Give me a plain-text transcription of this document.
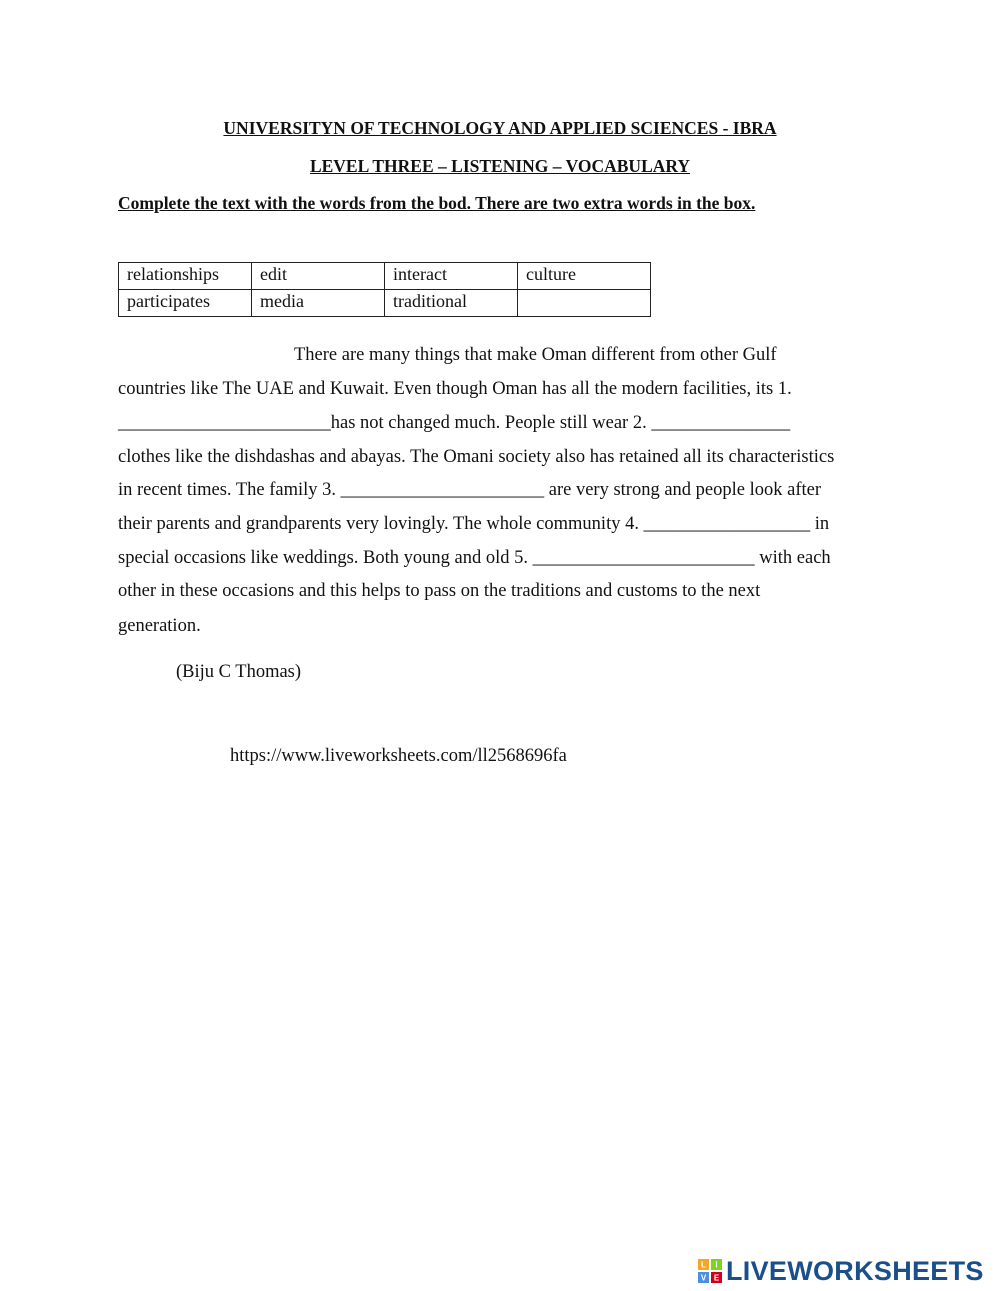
UNIVERSITYN OF TECHNOLOGY AND APPLIED SCIENCES - IBRA

LEVEL THREE – LISTENING – VOCABULARY

Complete the text with the words from the bod. There are two extra words in the box.

relationships	edit	interact	culture
participates	media	traditional	

There are many things that make Oman different from other Gulf

countries like The UAE and Kuwait. Even though Oman has all the modern facilities, its 1.

_______________________has not changed much. People still wear 2. _______________

clothes like the dishdashas and abayas. The Omani society also has retained all its characteristics

in recent times. The family 3. ______________________ are very strong and people look after

their parents and grandparents very lovingly. The whole community 4. __________________ in

special occasions like weddings. Both young and old 5. ________________________ with each

other in these occasions and this helps to pass on the traditions and customs to the next

generation.

(Biju C Thomas)

https://www.liveworksheets.com/ll2568696fa

L I
V E LIVEWORKSHEETS
